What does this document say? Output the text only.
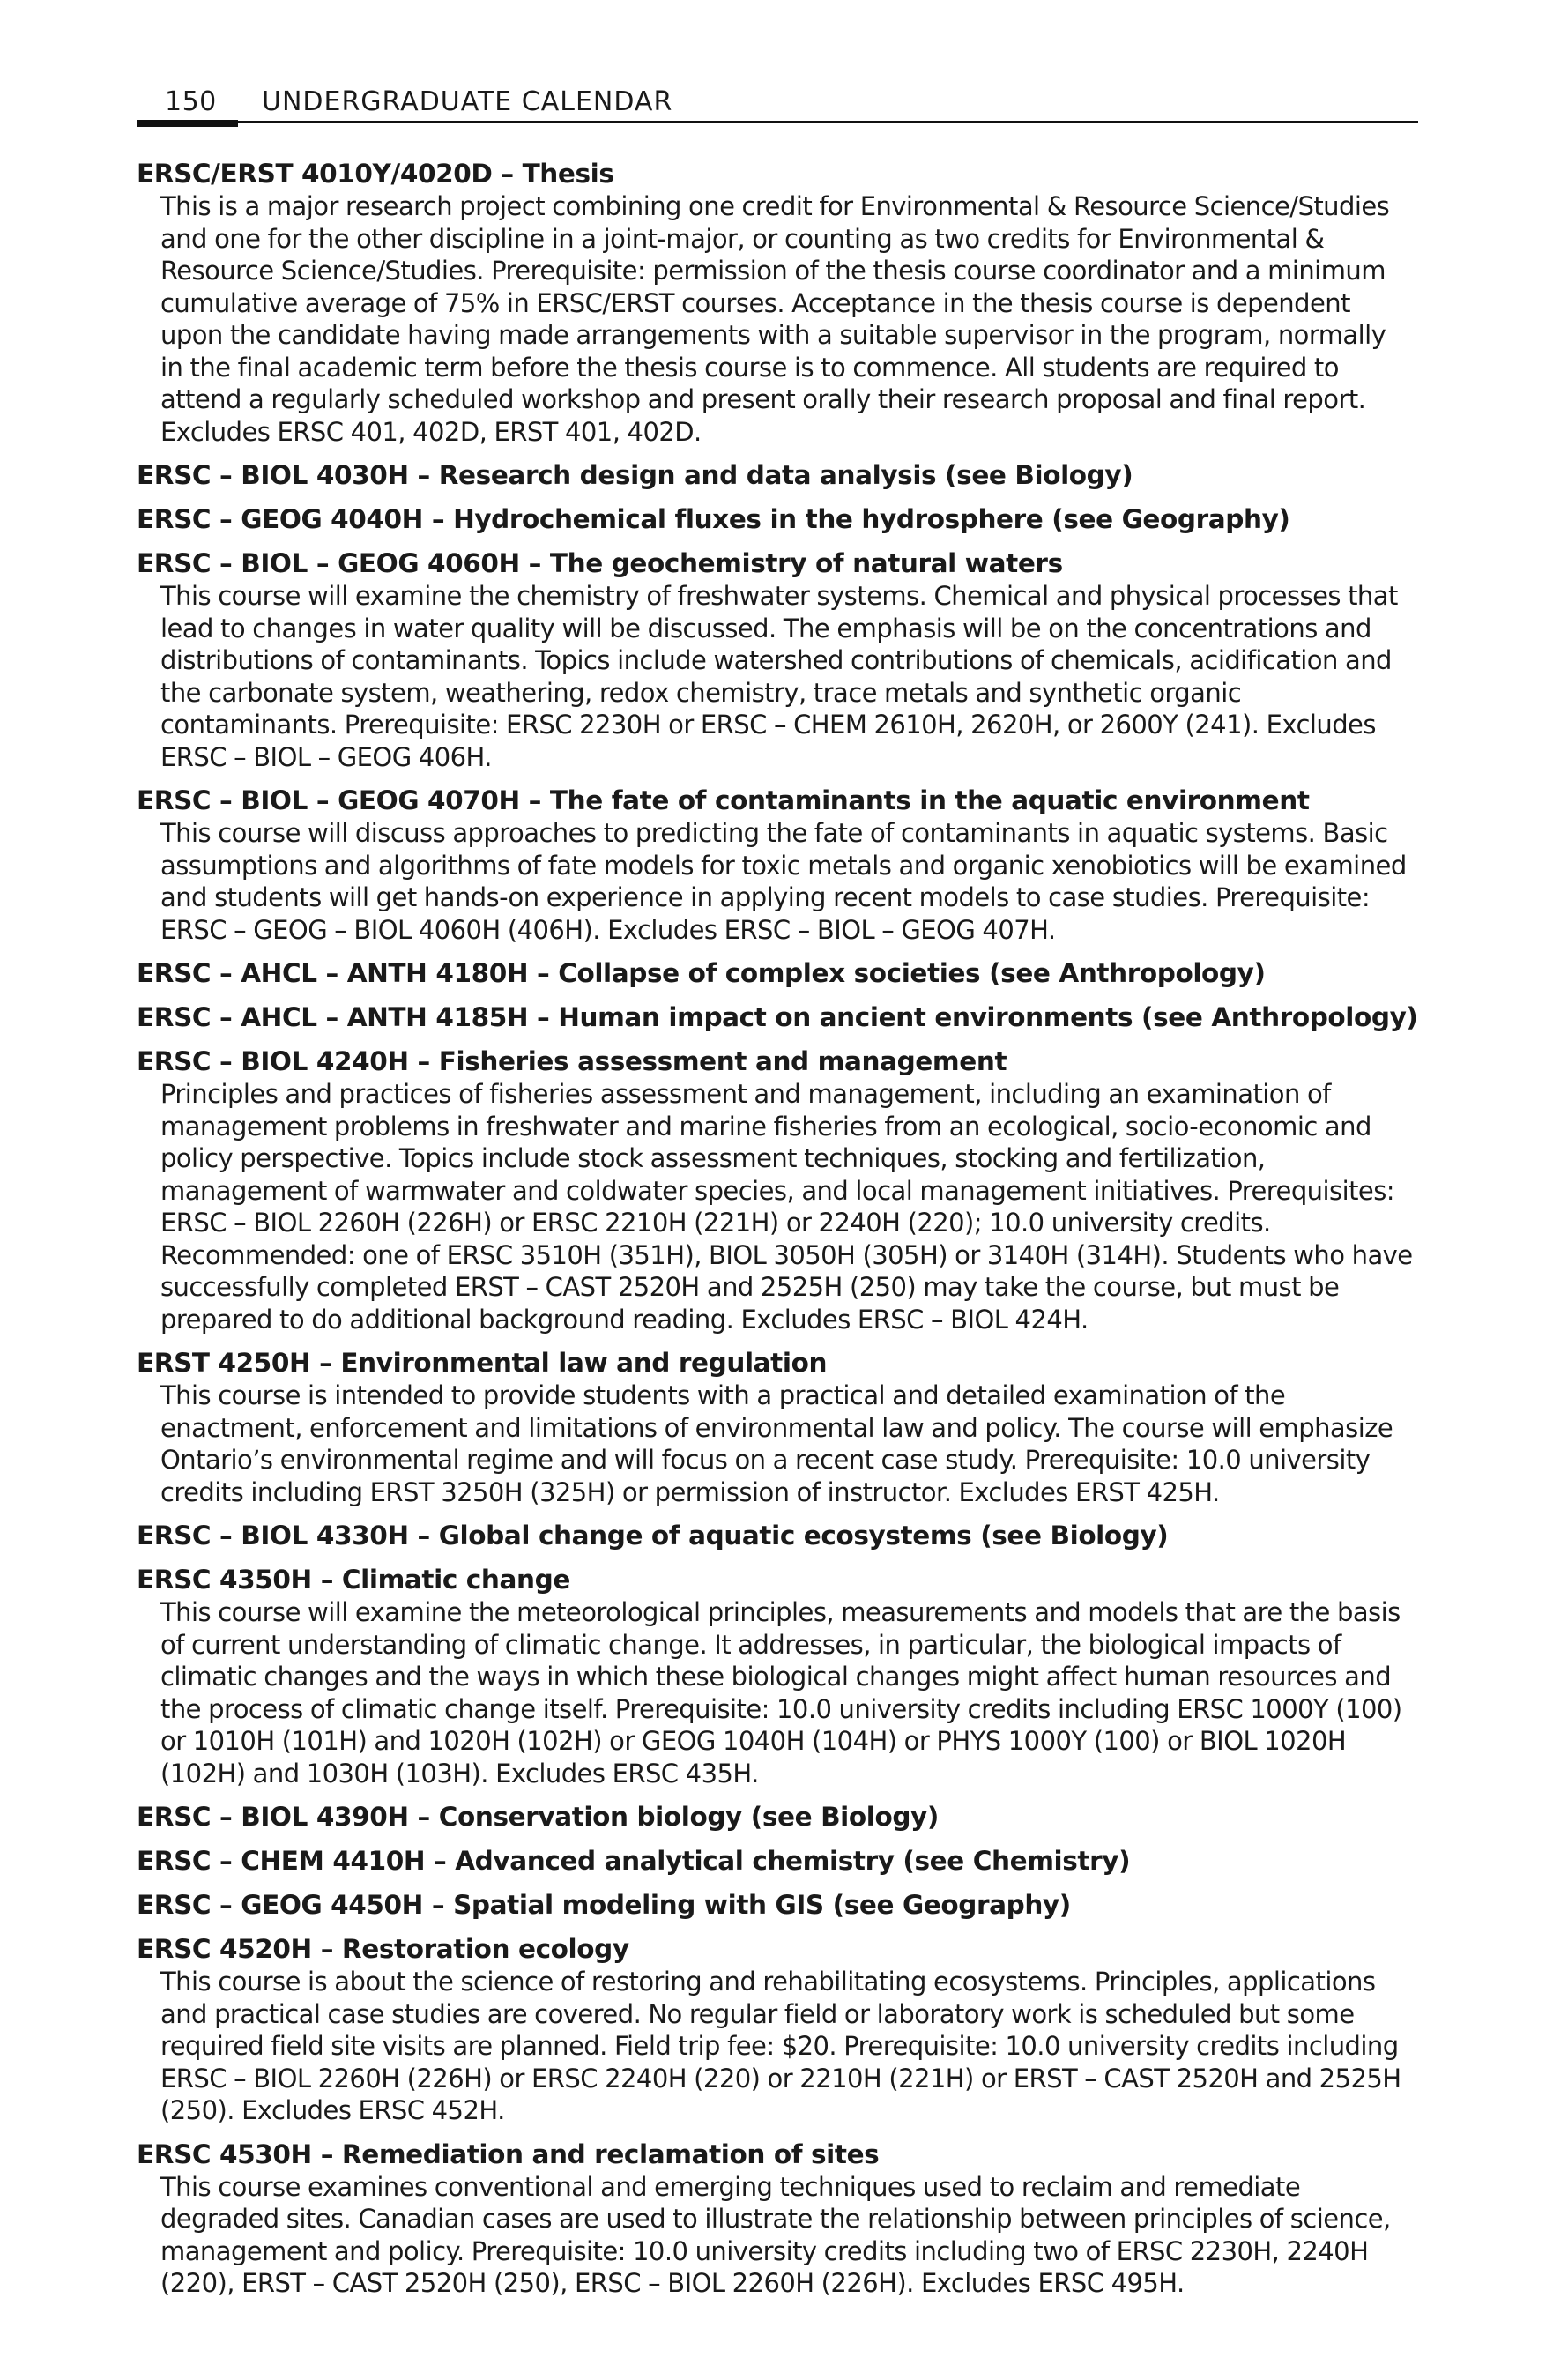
150 UNDERGRADUATE CALENDAR
ERSC/ERST 4010Y/4020D – Thesis
This is a major research project combining one credit for Environmental & Resource Science/Studies and one for the other discipline in a joint-major, or counting as two credits for Environmental & Resource Science/Studies. Prerequisite: permission of the thesis course coordinator and a minimum cumulative average of 75% in ERSC/ERST courses. Acceptance in the thesis course is dependent upon the candidate having made arrangements with a suitable supervisor in the program, normally in the final academic term before the thesis course is to commence. All students are required to attend a regularly scheduled workshop and present orally their research proposal and final report. Excludes ERSC 401, 402D, ERST 401, 402D.
ERSC – BIOL 4030H – Research design and data analysis (see Biology)
ERSC – GEOG 4040H – Hydrochemical fluxes in the hydrosphere (see Geography)
ERSC – BIOL – GEOG 4060H – The geochemistry of natural waters
This course will examine the chemistry of freshwater systems. Chemical and physical processes that lead to changes in water quality will be discussed. The emphasis will be on the concentrations and distributions of contaminants. Topics include watershed contributions of chemicals, acidification and the carbonate system, weathering, redox chemistry, trace metals and synthetic organic contaminants. Prerequisite: ERSC 2230H or ERSC – CHEM 2610H, 2620H, or 2600Y (241). Excludes ERSC – BIOL – GEOG 406H.
ERSC – BIOL – GEOG 4070H – The fate of contaminants in the aquatic environment
This course will discuss approaches to predicting the fate of contaminants in aquatic systems. Basic assumptions and algorithms of fate models for toxic metals and organic xenobiotics will be examined and students will get hands-on experience in applying recent models to case studies. Prerequisite: ERSC – GEOG – BIOL 4060H (406H). Excludes ERSC – BIOL – GEOG 407H.
ERSC – AHCL – ANTH 4180H – Collapse of complex societies (see Anthropology)
ERSC – AHCL – ANTH 4185H – Human impact on ancient environments (see Anthropology)
ERSC – BIOL 4240H – Fisheries assessment and management
Principles and practices of fisheries assessment and management, including an examination of management problems in freshwater and marine fisheries from an ecological, socio-economic and policy perspective. Topics include stock assessment techniques, stocking and fertilization, management of warmwater and coldwater species, and local management initiatives. Prerequisites: ERSC – BIOL 2260H (226H) or ERSC 2210H (221H) or 2240H (220); 10.0 university credits. Recommended: one of ERSC 3510H (351H), BIOL 3050H (305H) or 3140H (314H). Students who have successfully completed ERST – CAST 2520H and 2525H (250) may take the course, but must be prepared to do additional background reading. Excludes ERSC – BIOL 424H.
ERST 4250H – Environmental law and regulation
This course is intended to provide students with a practical and detailed examination of the enactment, enforcement and limitations of environmental law and policy. The course will emphasize Ontario’s environmental regime and will focus on a recent case study. Prerequisite: 10.0 university credits including ERST 3250H (325H) or permission of instructor. Excludes ERST 425H.
ERSC – BIOL 4330H – Global change of aquatic ecosystems (see Biology)
ERSC 4350H – Climatic change
This course will examine the meteorological principles, measurements and models that are the basis of current understanding of climatic change. It addresses, in particular, the biological impacts of climatic changes and the ways in which these biological changes might affect human resources and the process of climatic change itself. Prerequisite: 10.0 university credits including ERSC 1000Y (100) or 1010H (101H) and 1020H (102H) or GEOG 1040H (104H) or PHYS 1000Y (100) or BIOL 1020H (102H) and 1030H (103H). Excludes ERSC 435H.
ERSC – BIOL 4390H – Conservation biology (see Biology)
ERSC – CHEM 4410H – Advanced analytical chemistry (see Chemistry)
ERSC – GEOG 4450H – Spatial modeling with GIS (see Geography)
ERSC 4520H – Restoration ecology
This course is about the science of restoring and rehabilitating ecosystems. Principles, applications and practical case studies are covered. No regular field or laboratory work is scheduled but some required field site visits are planned. Field trip fee: $20. Prerequisite: 10.0 university credits including ERSC – BIOL 2260H (226H) or ERSC 2240H (220) or 2210H (221H) or ERST – CAST 2520H and 2525H (250). Excludes ERSC 452H.
ERSC 4530H – Remediation and reclamation of sites
This course examines conventional and emerging techniques used to reclaim and remediate degraded sites. Canadian cases are used to illustrate the relationship between principles of science, management and policy. Prerequisite: 10.0 university credits including two of ERSC 2230H, 2240H (220), ERST – CAST 2520H (250), ERSC – BIOL 2260H (226H). Excludes ERSC 495H.
